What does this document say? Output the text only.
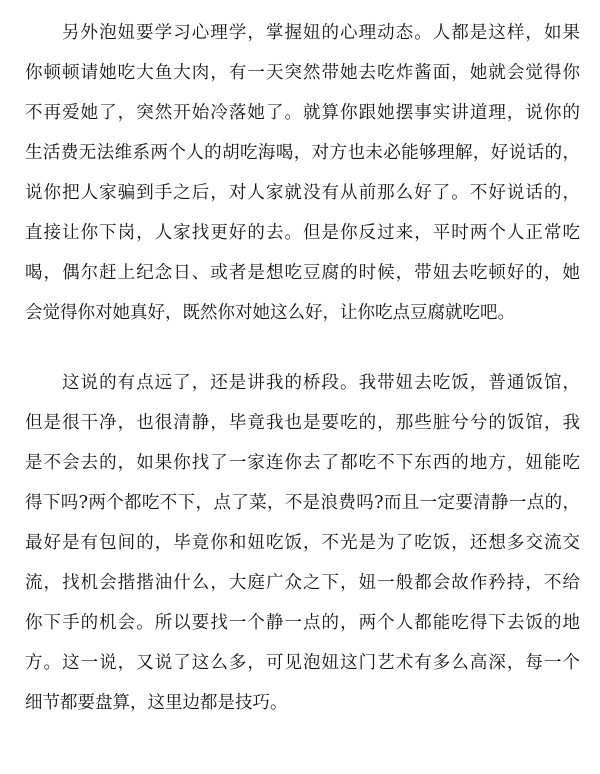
另外泡妞要学习心理学，掌握妞的心理动态。人都是这样，如果
你顿顿请她吃大鱼大肉，有一天突然带她去吃炸酱面，她就会觉得你
不再爱她了，突然开始冷落她了。就算你跟她摆事实讲道理，说你的
生活费无法维系两个人的胡吃海喝，对方也未必能够理解，好说话的，
说你把人家骗到手之后，对人家就没有从前那么好了。不好说话的，
直接让你下岗，人家找更好的去。但是你反过来，平时两个人正常吃
喝，偶尔赶上纪念日、或者是想吃豆腐的时候，带妞去吃顿好的，她
会觉得你对她真好，既然你对她这么好，让你吃点豆腐就吃吧。
这说的有点远了，还是讲我的桥段。我带妞去吃饭，普通饭馆，
但是很干净，也很清静，毕竟我也是要吃的，那些脏兮兮的饭馆，我
是不会去的，如果你找了一家连你去了都吃不下东西的地方，妞能吃
得下吗?两个都吃不下，点了菜，不是浪费吗?而且一定要清静一点的，
最好是有包间的，毕竟你和妞吃饭，不光是为了吃饭，还想多交流交
流，找机会揩揩油什么，大庭广众之下，妞一般都会故作矜持，不给
你下手的机会。所以要找一个静一点的，两个人都能吃得下去饭的地
方。这一说，又说了这么多，可见泡妞这门艺术有多么高深，每一个
细节都要盘算，这里边都是技巧。
